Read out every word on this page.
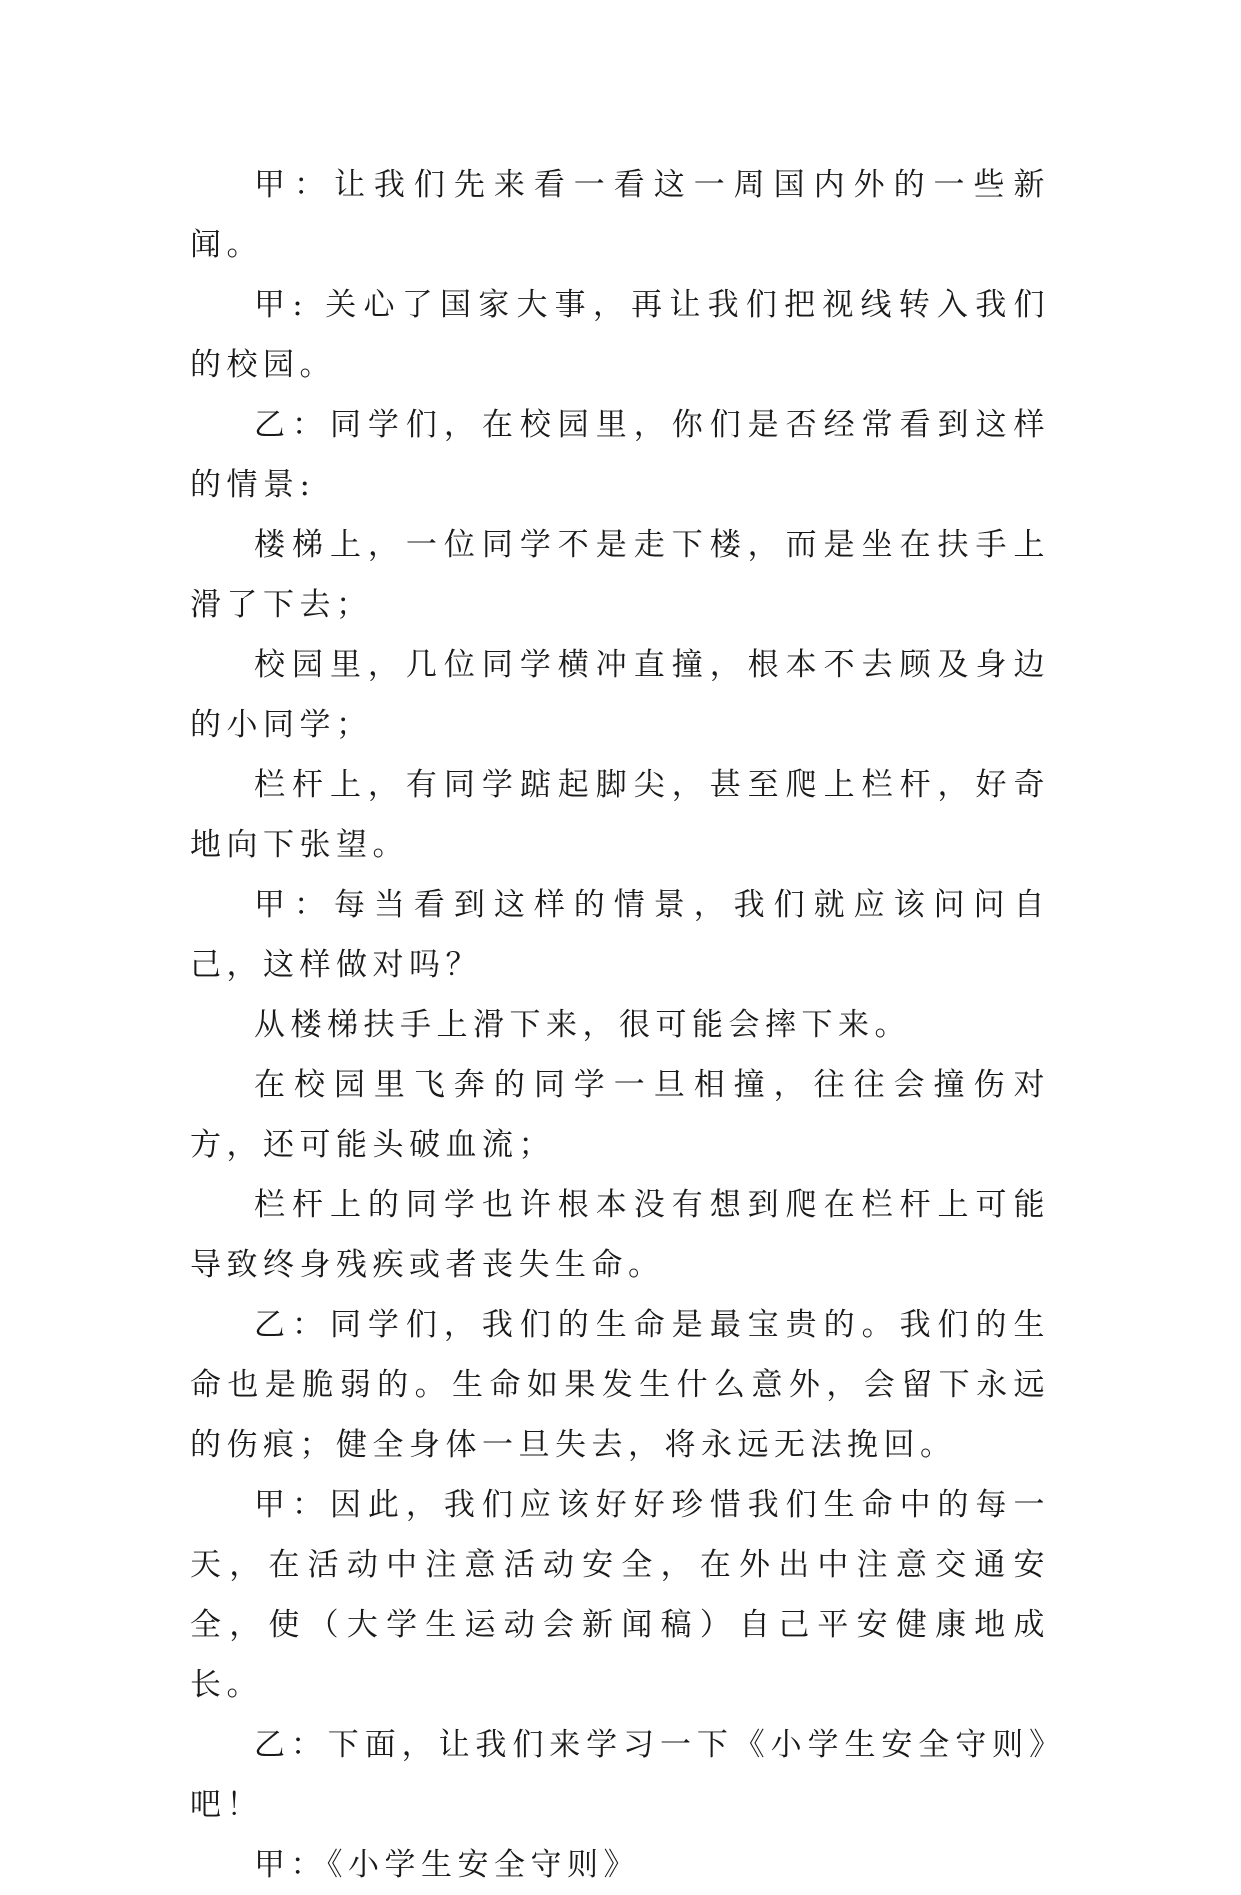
甲：让我们先来看一看这一周国内外的一些新闻。

甲: 关心了国家大事，再让我们把视线转入我们的校园。

乙：同学们，在校园里，你们是否经常看到这样的情景:

楼梯上，一位同学不是走下楼，而是坐在扶手上滑了下去；

校园里，几位同学横冲直撞，根本不去顾及身边的小同学；

栏杆上，有同学踮起脚尖，甚至爬上栏杆，好奇地向下张望。

甲：每当看到这样的情景，我们就应该问问自己，这样做对吗？

从楼梯扶手上滑下来，很可能会摔下来。

在校园里飞奔的同学一旦相撞，往往会撞伤对方，还可能头破血流；

栏杆上的同学也许根本没有想到爬在栏杆上可能导致终身残疾或者丧失生命。

乙：同学们，我们的生命是最宝贵的。我们的生命也是脆弱的。生命如果发生什么意外，会留下永远的伤痕；健全身体一旦失去，将永远无法挽回。

甲：因此，我们应该好好珍惜我们生命中的每一天，在活动中注意活动安全，在外出中注意交通安全，使（大学生运动会新闻稿）自己平安健康地成长。

乙：下面，让我们来学习一下《小学生安全守则》吧！

甲：《小学生安全守则》
